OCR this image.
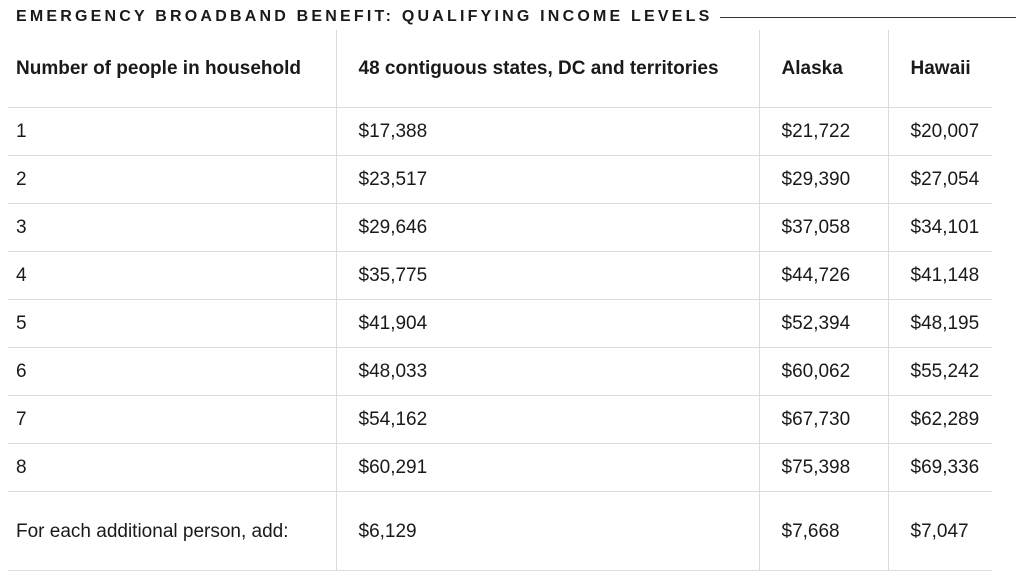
EMERGENCY BROADBAND BENEFIT: QUALIFYING INCOME LEVELS
Number of people in household	48 contiguous states, DC and territories	Alaska	Hawaii
1	$17,388	$21,722	$20,007
2	$23,517	$29,390	$27,054
3	$29,646	$37,058	$34,101
4	$35,775	$44,726	$41,148
5	$41,904	$52,394	$48,195
6	$48,033	$60,062	$55,242
7	$54,162	$67,730	$62,289
8	$60,291	$75,398	$69,336
For each additional person, add:	$6,129	$7,668	$7,047
